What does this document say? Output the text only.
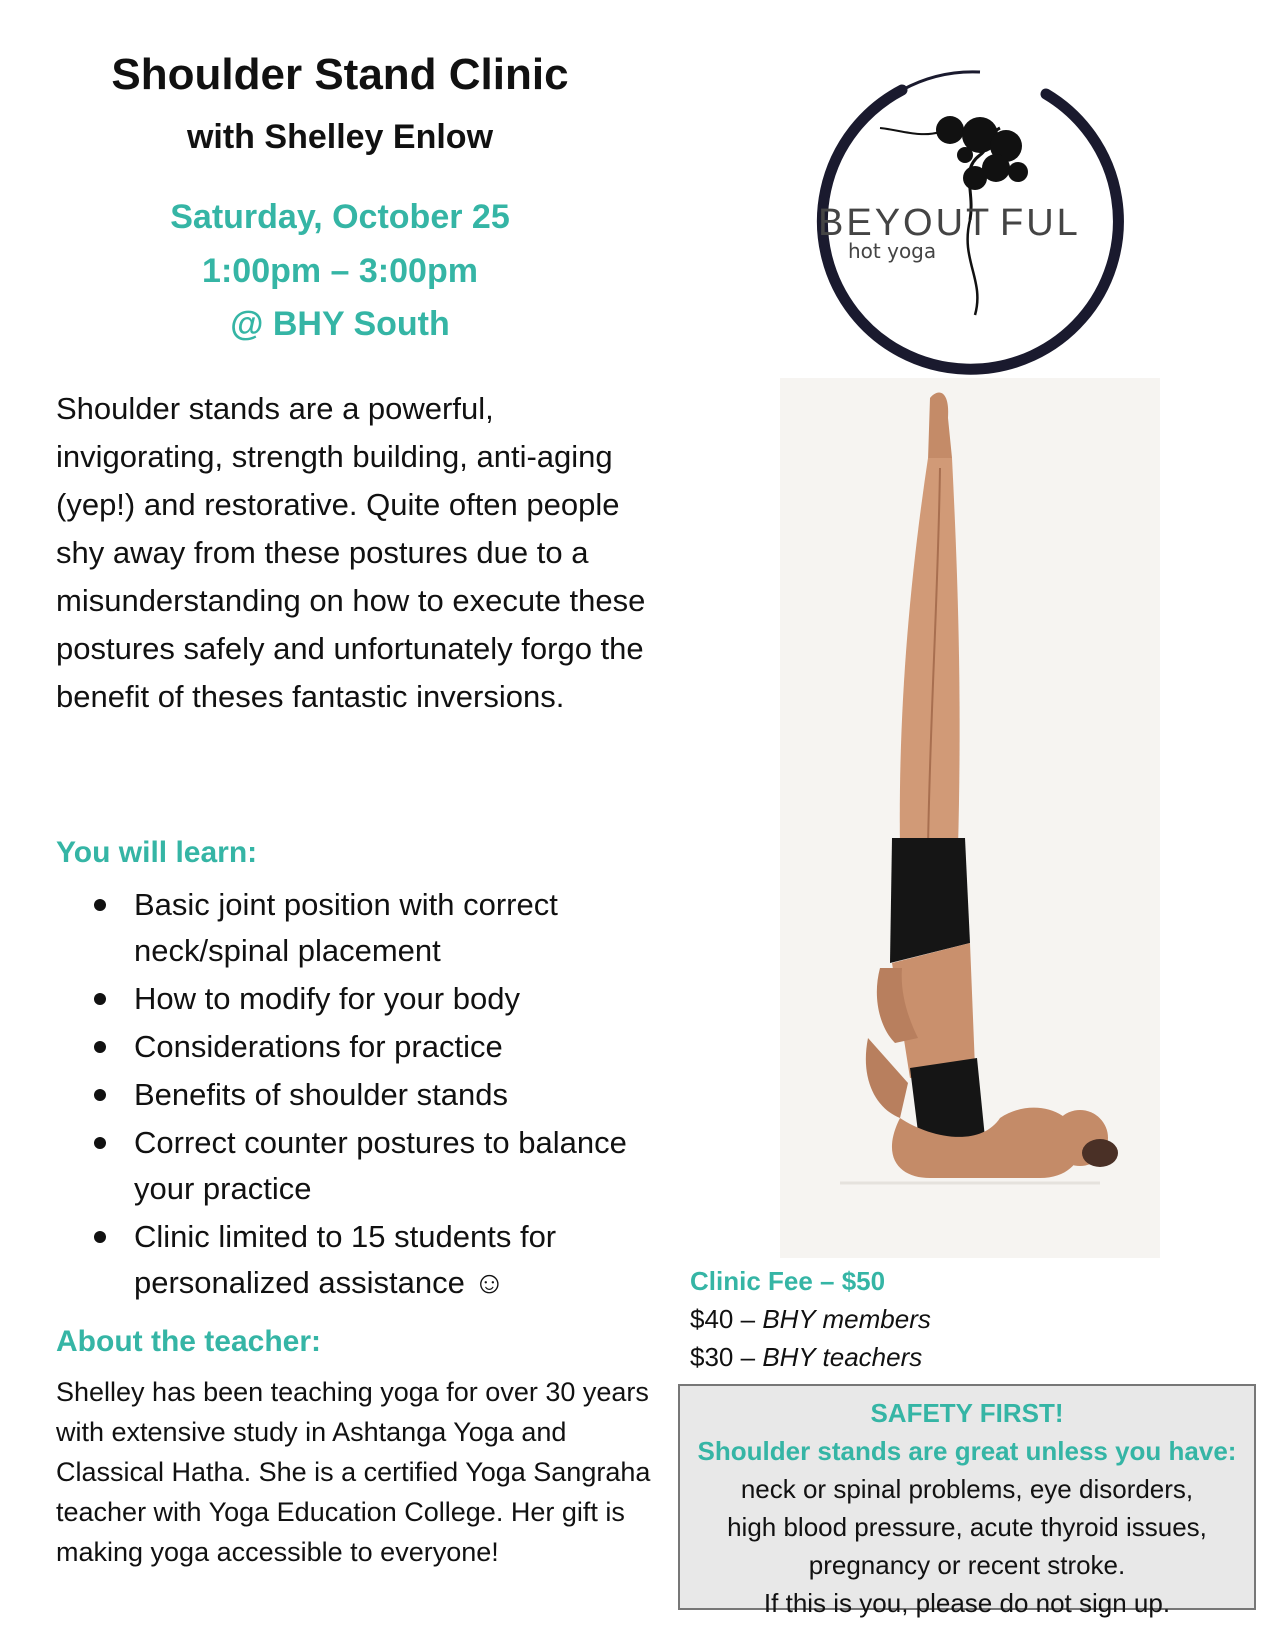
Shoulder Stand Clinic
with Shelley Enlow
Saturday, October 25
1:00pm – 3:00pm
@ BHY South

Shoulder stands are a powerful, invigorating, strength building, anti-aging (yep!) and restorative. Quite often people shy away from these postures due to a misunderstanding on how to execute these postures safely and unfortunately forgo the benefit of theses fantastic inversions.

You will learn:
Basic joint position with correct neck/spinal placement
How to modify for your body
Considerations for practice
Benefits of shoulder stands
Correct counter postures to balance your practice
Clinic limited to 15 students for personalized assistance ☺
About the teacher:

Shelley has been teaching yoga for over 30 years with extensive study in Ashtanga Yoga and Classical Hatha. She is a certified Yoga Sangraha teacher with Yoga Education College. Her gift is making yoga accessible to everyone!

BEYOUT FUL
hot yoga
Clinic Fee – $50
$40 – BHY members
$30 – BHY teachers
SAFETY FIRST!
Shoulder stands are great unless you have:
neck or spinal problems, eye disorders,
high blood pressure, acute thyroid issues,
pregnancy or recent stroke.
If this is you, please do not sign up.
